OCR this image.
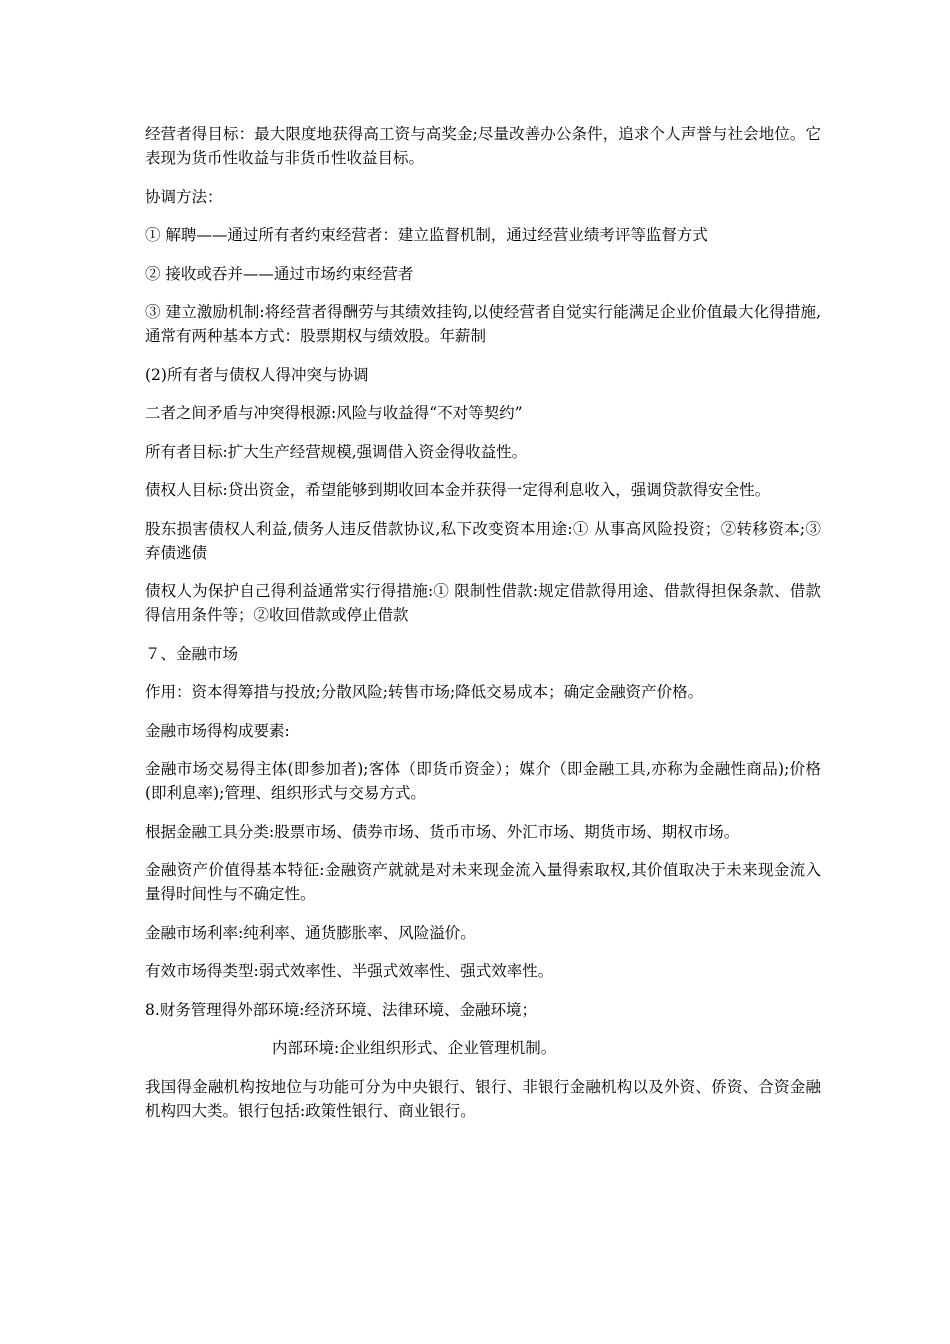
经营者得目标：最大限度地获得高工资与高奖金;尽量改善办公条件，追求个人声誉与社会地位。它表现为货币性收益与非货币性收益目标。

协调方法：

① 解聘——通过所有者约束经营者：建立监督机制，通过经营业绩考评等监督方式

② 接收或吞并——通过市场约束经营者

③ 建立激励机制:将经营者得酬劳与其绩效挂钩,以使经营者自觉实行能满足企业价值最大化得措施,通常有两种基本方式：股票期权与绩效股。年薪制

(2)所有者与债权人得冲突与协调

二者之间矛盾与冲突得根源:风险与收益得“不对等契约”

所有者目标:扩大生产经营规模,强调借入资金得收益性。

债权人目标:贷出资金，希望能够到期收回本金并获得一定得利息收入，强调贷款得安全性。

股东损害债权人利益,债务人违反借款协议,私下改变资本用途:① 从事高风险投资；②转移资本;③ 弃债逃债

债权人为保护自己得利益通常实行得措施:① 限制性借款:规定借款得用途、借款得担保条款、借款得信用条件等；②收回借款或停止借款

７、金融市场

作用：资本得筹措与投放;分散风险;转售市场;降低交易成本；确定金融资产价格。

金融市场得构成要素:

金融市场交易得主体(即参加者);客体（即货币资金）；媒介（即金融工具,亦称为金融性商品);价格(即利息率);管理、组织形式与交易方式。

根据金融工具分类:股票市场、债券市场、货币市场、外汇市场、期货市场、期权市场。

金融资产价值得基本特征:金融资产就就是对未来现金流入量得索取权,其价值取决于未来现金流入量得时间性与不确定性。

金融市场利率:纯利率、通货膨胀率、风险溢价。

有效市场得类型:弱式效率性、半强式效率性、强式效率性。

8.财务管理得外部环境:经济环境、法律环境、金融环境；

内部环境:企业组织形式、企业管理机制。

我国得金融机构按地位与功能可分为中央银行、银行、非银行金融机构以及外资、侨资、合资金融机构四大类。银行包括:政策性银行、商业银行。
